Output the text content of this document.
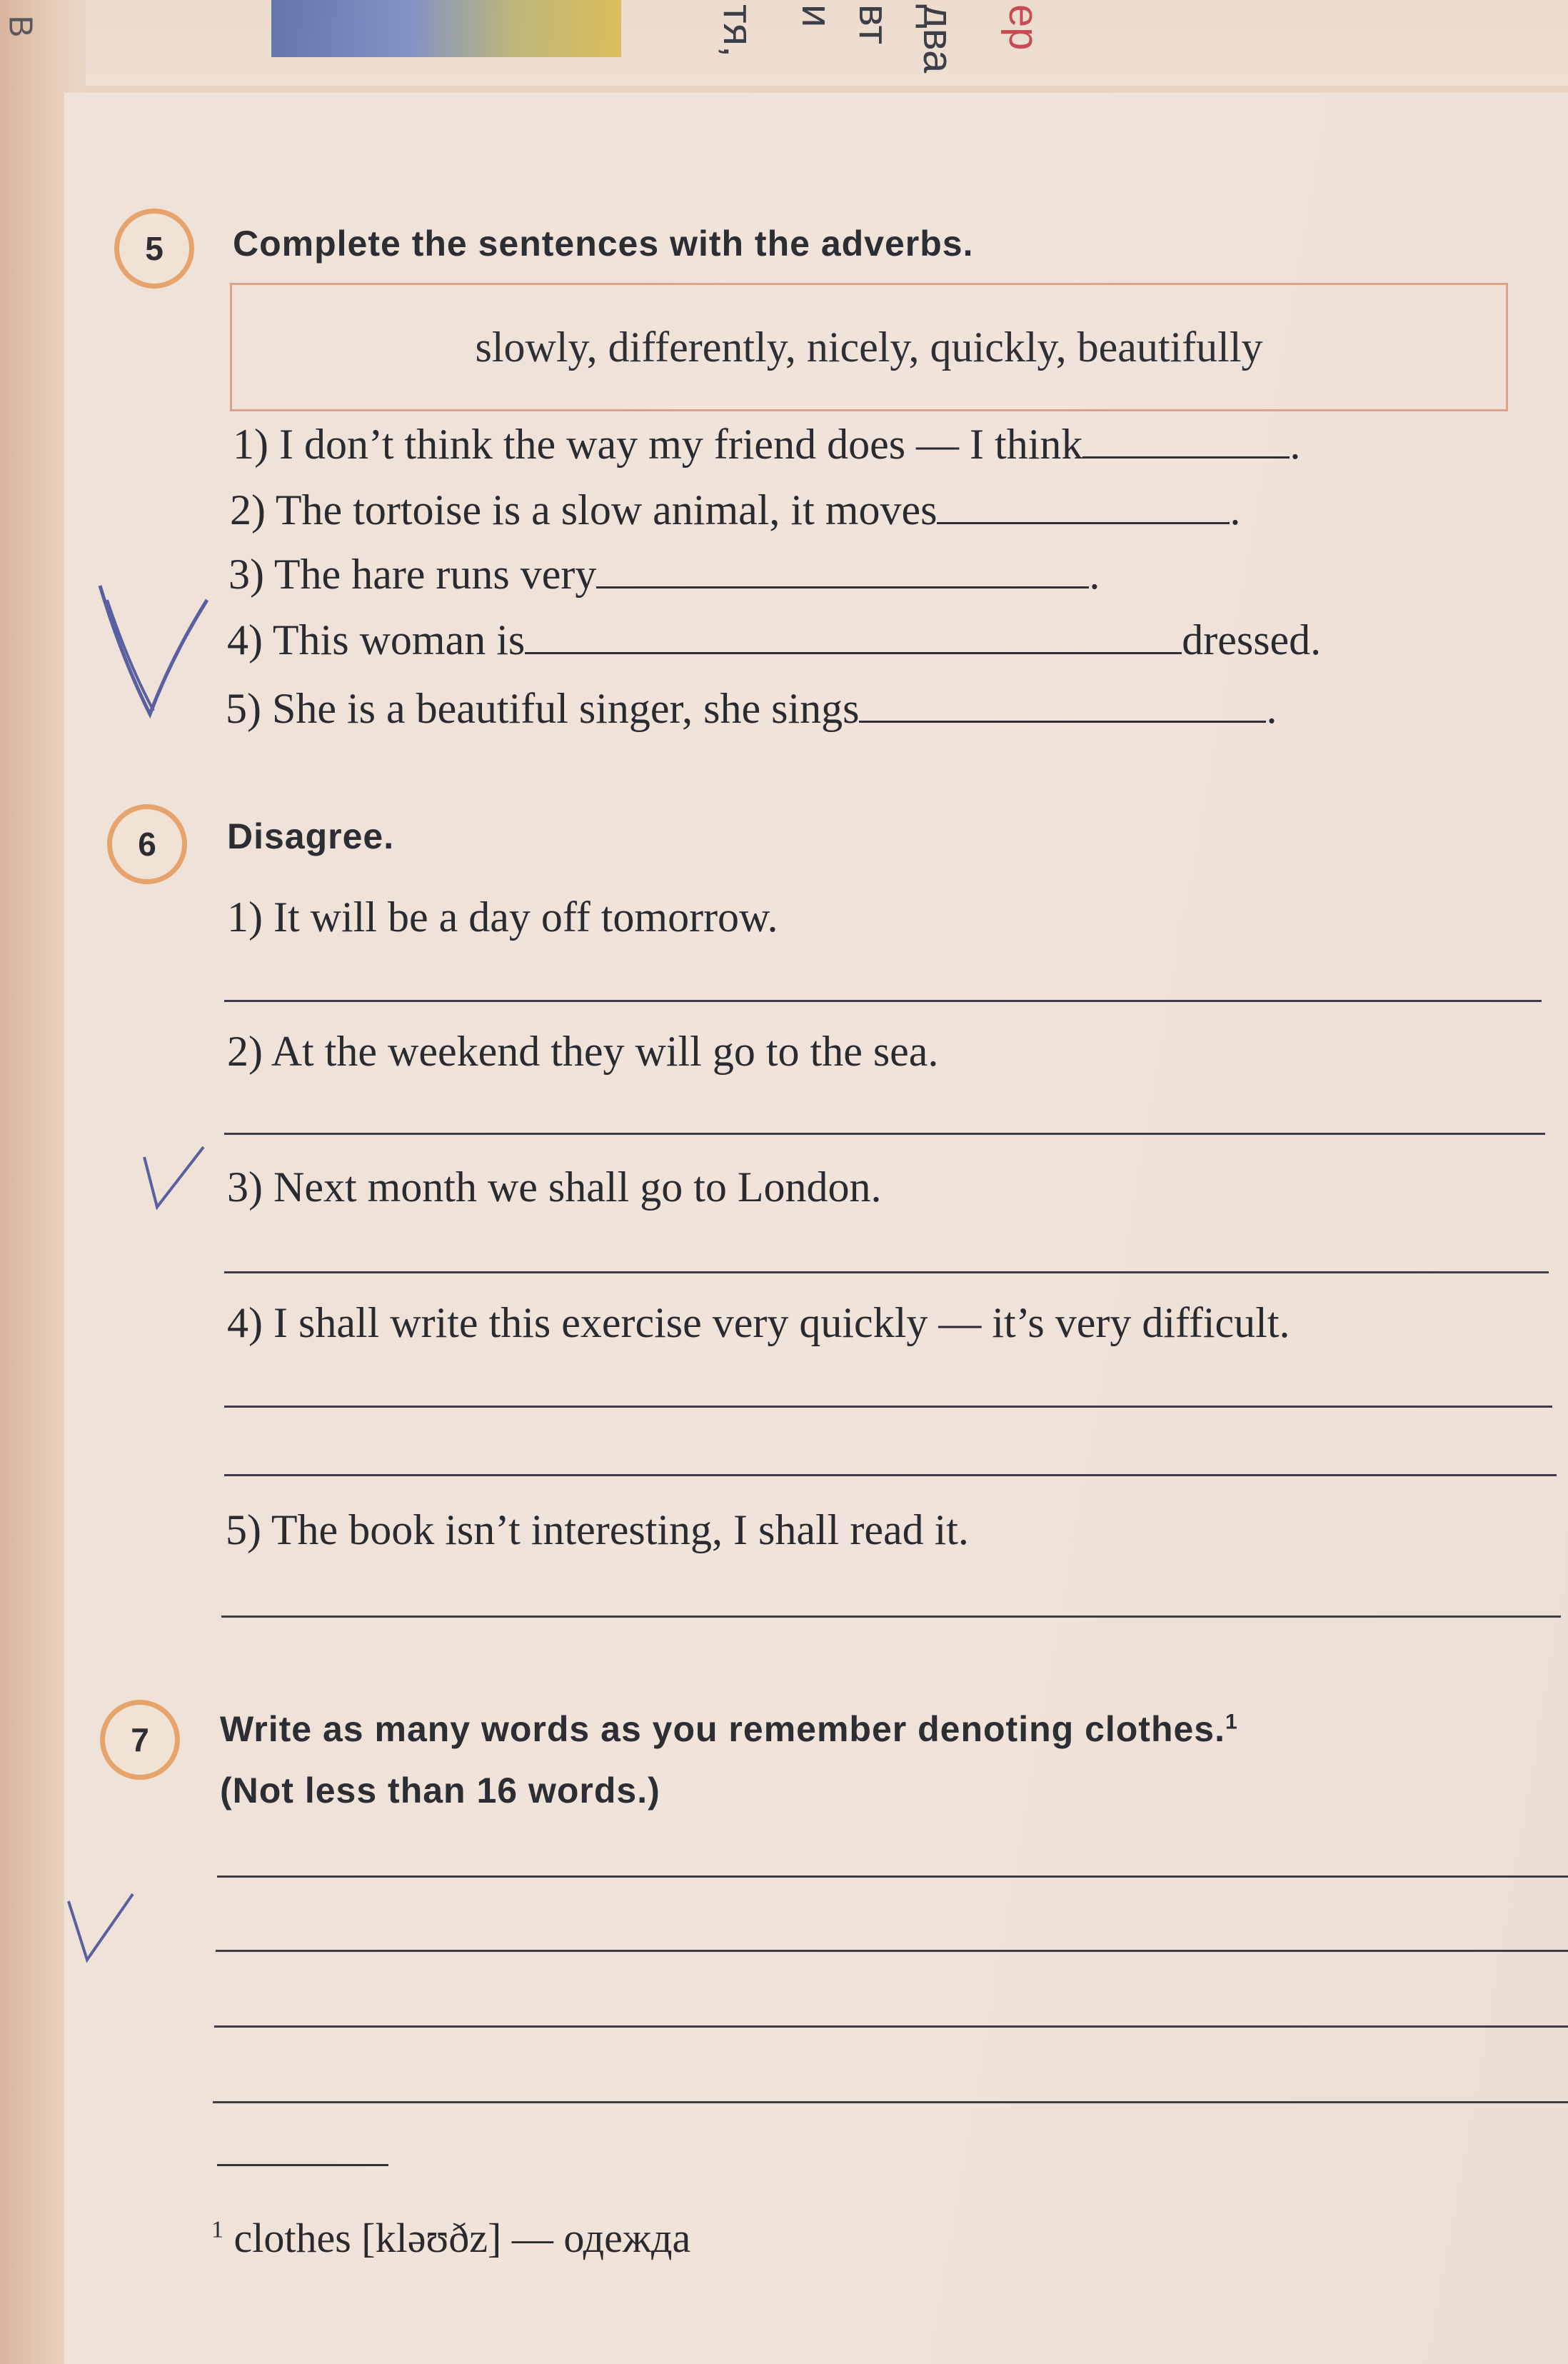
В	тя, и вт два ер
5	Complete the sentences with the adverbs.
slowly, differently, nicely, quickly, beautifully
1) I don’t think the way my friend does — I think	.
2) The tortoise is a slow animal, it moves	.
3) The hare runs very	.
4) This woman is	dressed.
5) She is a beautiful singer, she sings	.
6	Disagree.
1) It will be a day off tomorrow.
2) At the weekend they will go to the sea.
3) Next month we shall go to London.
4) I shall write this exercise very quickly — it’s very difficult.
5) The book isn’t interesting, I shall read it.
7	Write as many words as you remember denoting clothes.$^1$
(Not less than 16 words.)
$^1$ clothes [kləʊðz] — одежда
